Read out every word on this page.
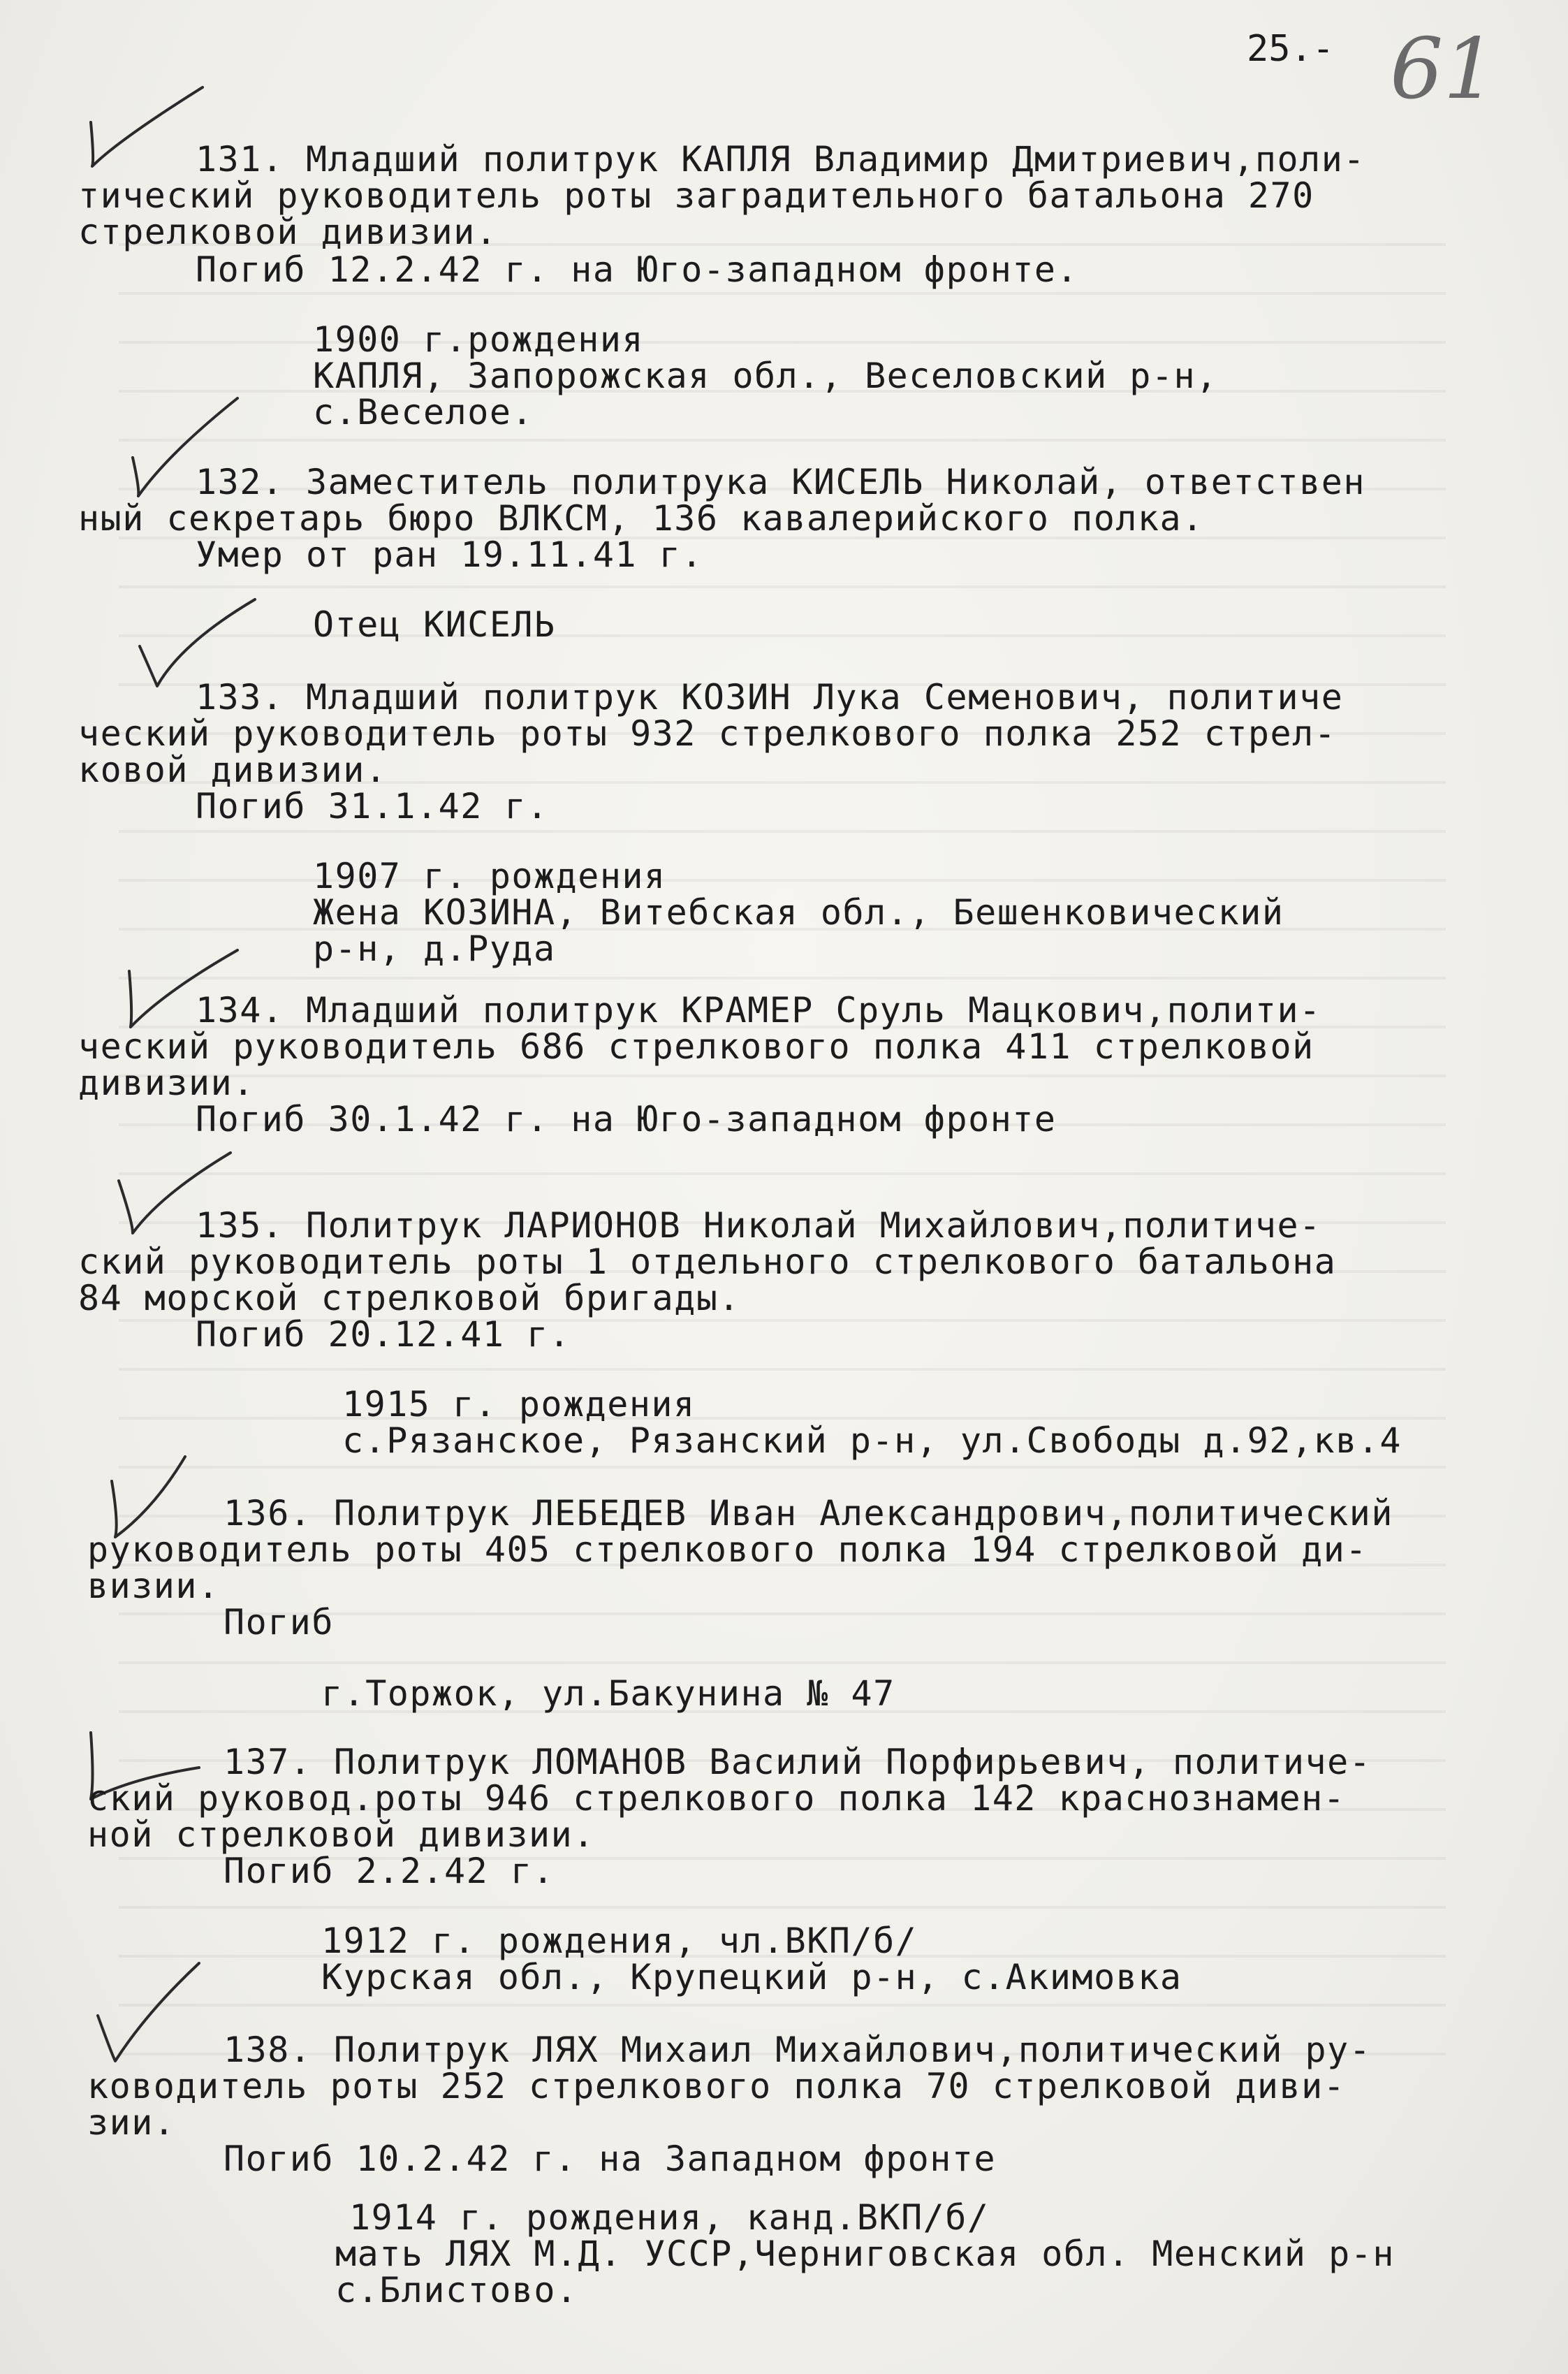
25.- 61
131. Младший политрук КАПЛЯ Владимир Дмитриевич,поли-
тический руководитель роты заградительного батальона 270
стрелковой дивизии.
Погиб 12.2.42 г. на Юго-западном фронте.
1900 г.рождения
КАПЛЯ, Запорожская обл., Веселовский р-н,
с.Веселое.
132. Заместитель политрука КИСЕЛЬ Николай, ответствен
ный секретарь бюро ВЛКСМ, 136 кавалерийского полка.
Умер от ран 19.11.41 г.
Отец КИСЕЛЬ
133. Младший политрук КОЗИН Лука Семенович, политиче
ческий руководитель роты 932 стрелкового полка 252 стрел-
ковой дивизии.
Погиб 31.1.42 г.
1907 г. рождения
Жена КОЗИНА, Витебская обл., Бешенковический
р-н, д.Руда
134. Младший политрук КРАМЕР Сруль Мацкович,полити-
ческий руководитель 686 стрелкового полка 411 стрелковой
дивизии.
Погиб 30.1.42 г. на Юго-западном фронте
135. Политрук ЛАРИОНОВ Николай Михайлович,политиче-
ский руководитель роты 1 отдельного стрелкового батальона
84 морской стрелковой бригады.
Погиб 20.12.41 г.
1915 г. рождения
с.Рязанское, Рязанский р-н, ул.Свободы д.92,кв.4
136. Политрук ЛЕБЕДЕВ Иван Александрович,политический
руководитель роты 405 стрелкового полка 194 стрелковой ди-
визии.
Погиб
г.Торжок, ул.Бакунина № 47
137. Политрук ЛОМАНОВ Василий Порфирьевич, политиче-
ский руковод.роты 946 стрелкового полка 142 краснознамен-
ной стрелковой дивизии.
Погиб 2.2.42 г.
1912 г. рождения, чл.ВКП/б/
Курская обл., Крупецкий р-н, с.Акимовка
138. Политрук ЛЯХ Михаил Михайлович,политический ру-
ководитель роты 252 стрелкового полка 70 стрелковой диви-
зии.
Погиб 10.2.42 г. на Западном фронте
1914 г. рождения, канд.ВКП/б/
мать ЛЯХ М.Д. УССР,Черниговская обл. Менский р-н
с.Блистово.
